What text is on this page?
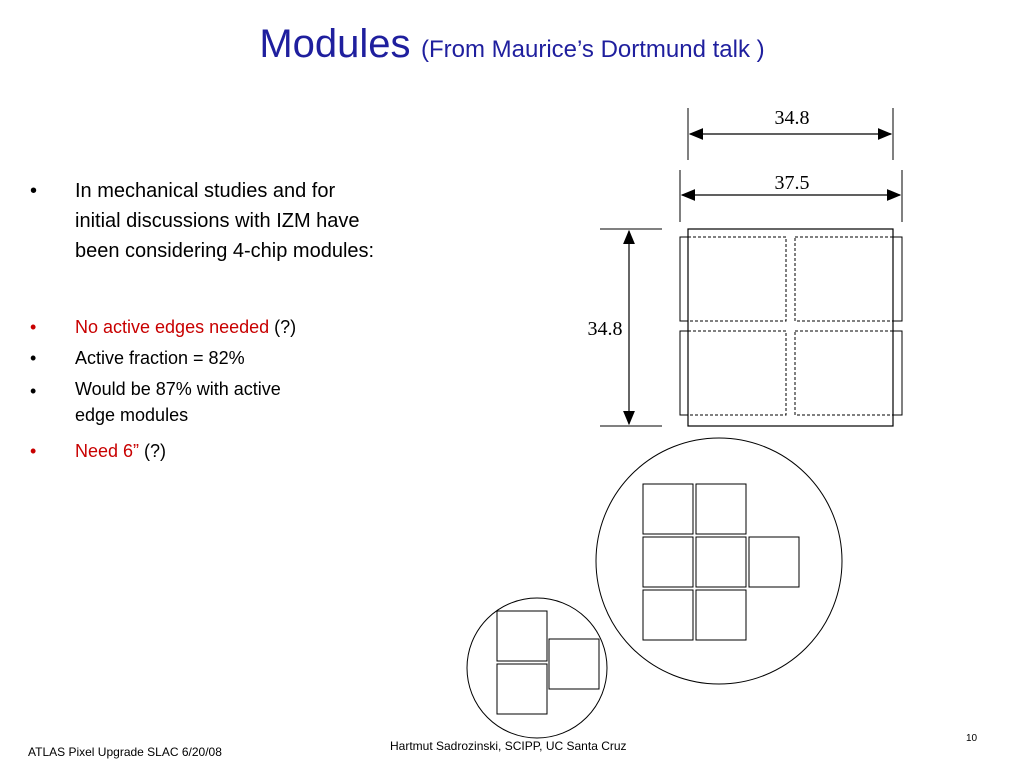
Modules (From Maurice’s Dortmund talk )
•	In mechanical studies and for
initial discussions with IZM have
been considering 4-chip modules:
•	No active edges needed (?)
•	Active fraction = 82%
•	Would be 87% with active
edge modules
•	Need 6” (?)
34.8
37.5
34.8
ATLAS Pixel Upgrade SLAC 6/20/08	Hartmut Sadrozinski, SCIPP, UC Santa Cruz
10
